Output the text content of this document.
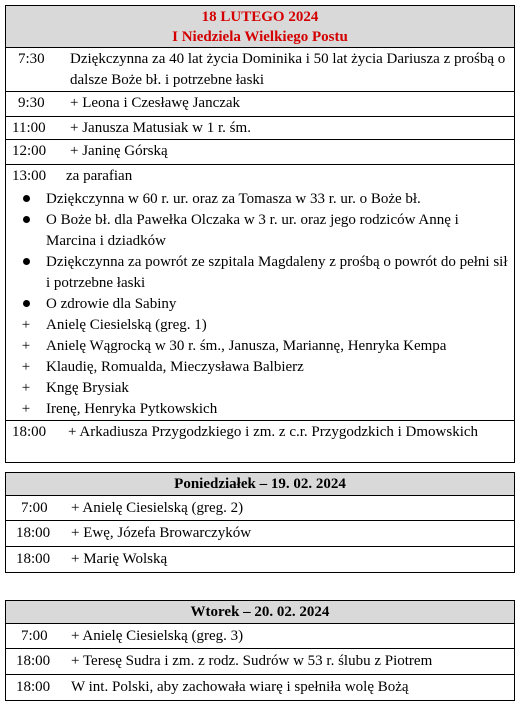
18 LUTEGO 2024
I Niedziela Wielkiego Postu

7:30	Dziękczynna za 40 lat życia Dominika i 50 lat życia Dariusza z prośbą o dalsze Boże bł. i potrzebne łaski

9:30	+ Leona i Czesławę Janczak

11:00	+ Janusza Matusiak w 1 r. śm.

12:00	+ Janinę Górską

13:00	za parafian
Dziękczynna w 60 r. ur. oraz za Tomasza w 33 r. ur. o Boże bł.
O Boże bł. dla Pawełka Olczaka w 3 r. ur. oraz jego rodziców Annę i Marcina i dziadków
Dziękczynna za powrót ze szpitala Magdaleny z prośbą o powrót do pełni sił i potrzebne łaski
O zdrowie dla Sabiny
+	Anielę Ciesielską (greg. 1)
+	Anielę Wągrocką w 30 r. śm., Janusza, Mariannę, Henryka Kempa
+	Klaudię, Romualda, Mieczysława Balbierz
+	Kngę Brysiak
+	Irenę, Henryka Pytkowskich

18:00	+ Arkadiusza Przygodzkiego i zm. z c.r. Przygodzkich i Dmowskich
Poniedziałek – 19. 02. 2024

7:00	+ Anielę Ciesielską (greg. 2)

18:00	+ Ewę, Józefa Browarczyków

18:00	+ Marię Wolską
Wtorek – 20. 02. 2024

7:00	+ Anielę Ciesielską (greg. 3)

18:00	+ Teresę Sudra i zm. z rodz. Sudrów w 53 r. ślubu z Piotrem

18:00	W int. Polski, aby zachowała wiarę i spełniła wolę Bożą
